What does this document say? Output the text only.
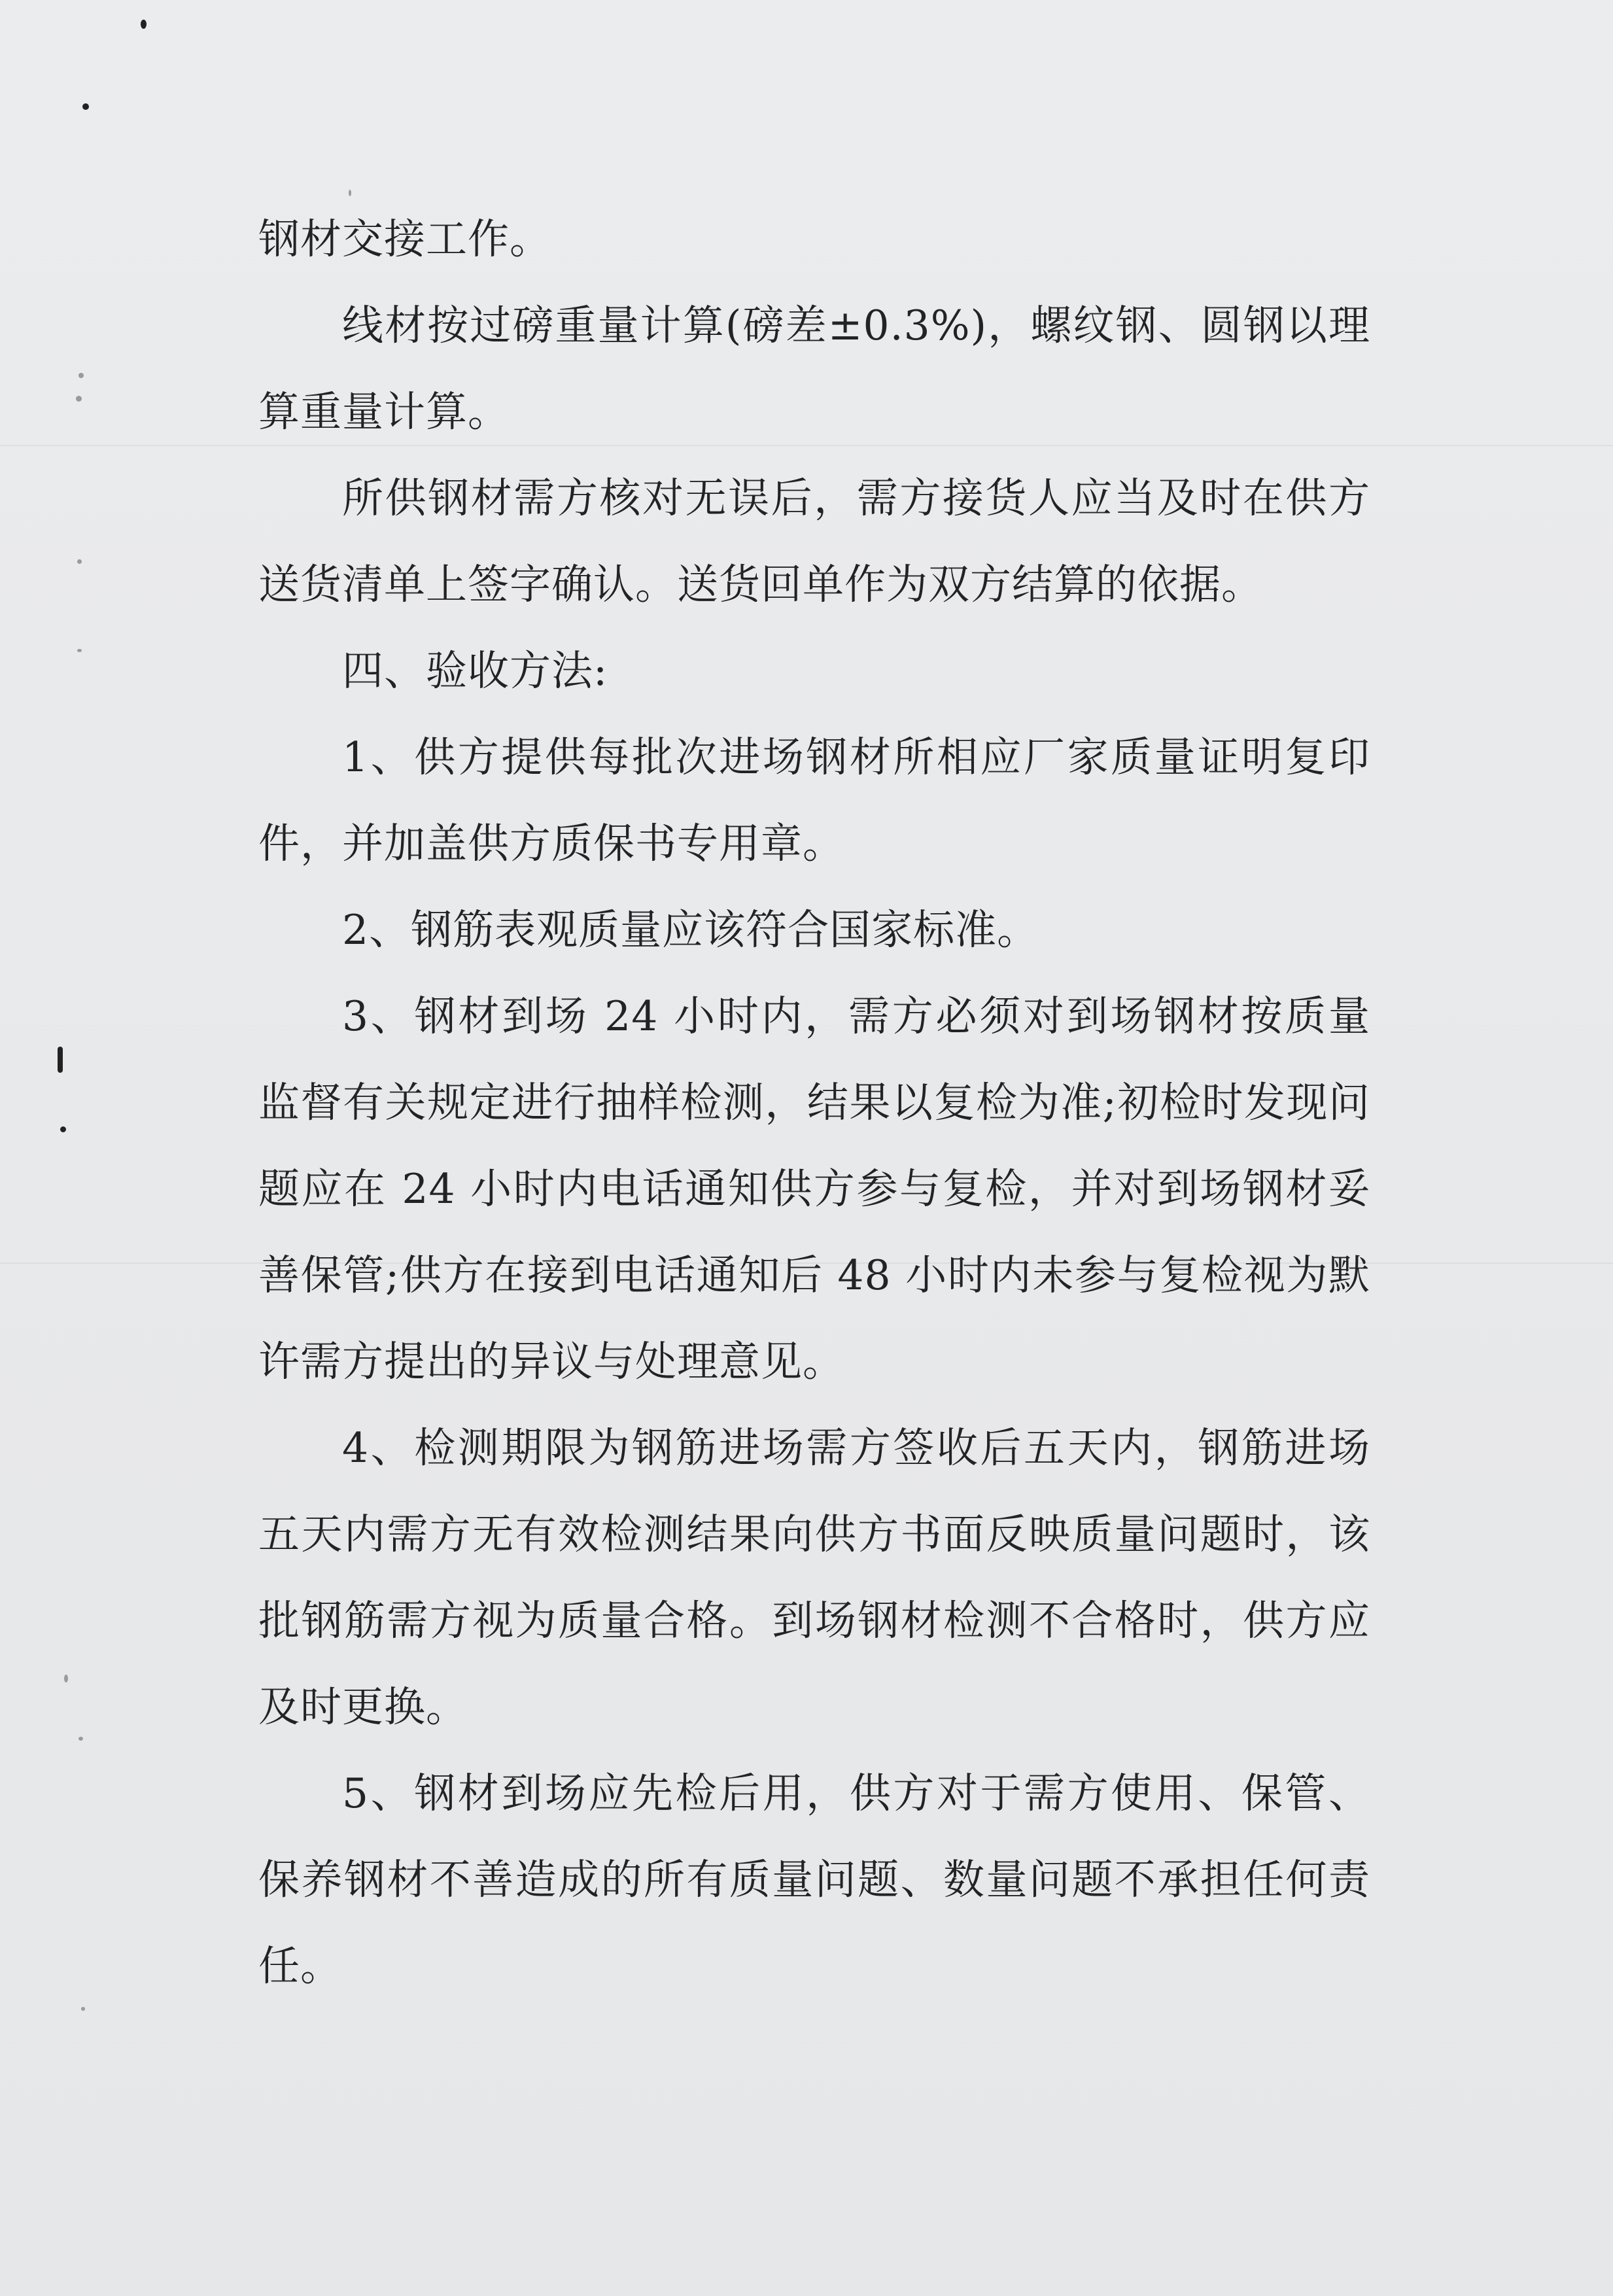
钢材交接工作。

线材按过磅重量计算(磅差±0.3%)，螺纹钢、圆钢以理算重量计算。

所供钢材需方核对无误后，需方接货人应当及时在供方送货清单上签字确认。送货回单作为双方结算的依据。

四、验收方法:

1、供方提供每批次进场钢材所相应厂家质量证明复印件，并加盖供方质保书专用章。

2、钢筋表观质量应该符合国家标准。

3、钢材到场 24 小时内，需方必须对到场钢材按质量监督有关规定进行抽样检测，结果以复检为准;初检时发现问题应在 24 小时内电话通知供方参与复检，并对到场钢材妥善保管;供方在接到电话通知后 48 小时内未参与复检视为默许需方提出的异议与处理意见。

4、检测期限为钢筋进场需方签收后五天内，钢筋进场五天内需方无有效检测结果向供方书面反映质量问题时，该批钢筋需方视为质量合格。到场钢材检测不合格时，供方应及时更换。

5、钢材到场应先检后用，供方对于需方使用、保管、保养钢材不善造成的所有质量问题、数量问题不承担任何责任。
